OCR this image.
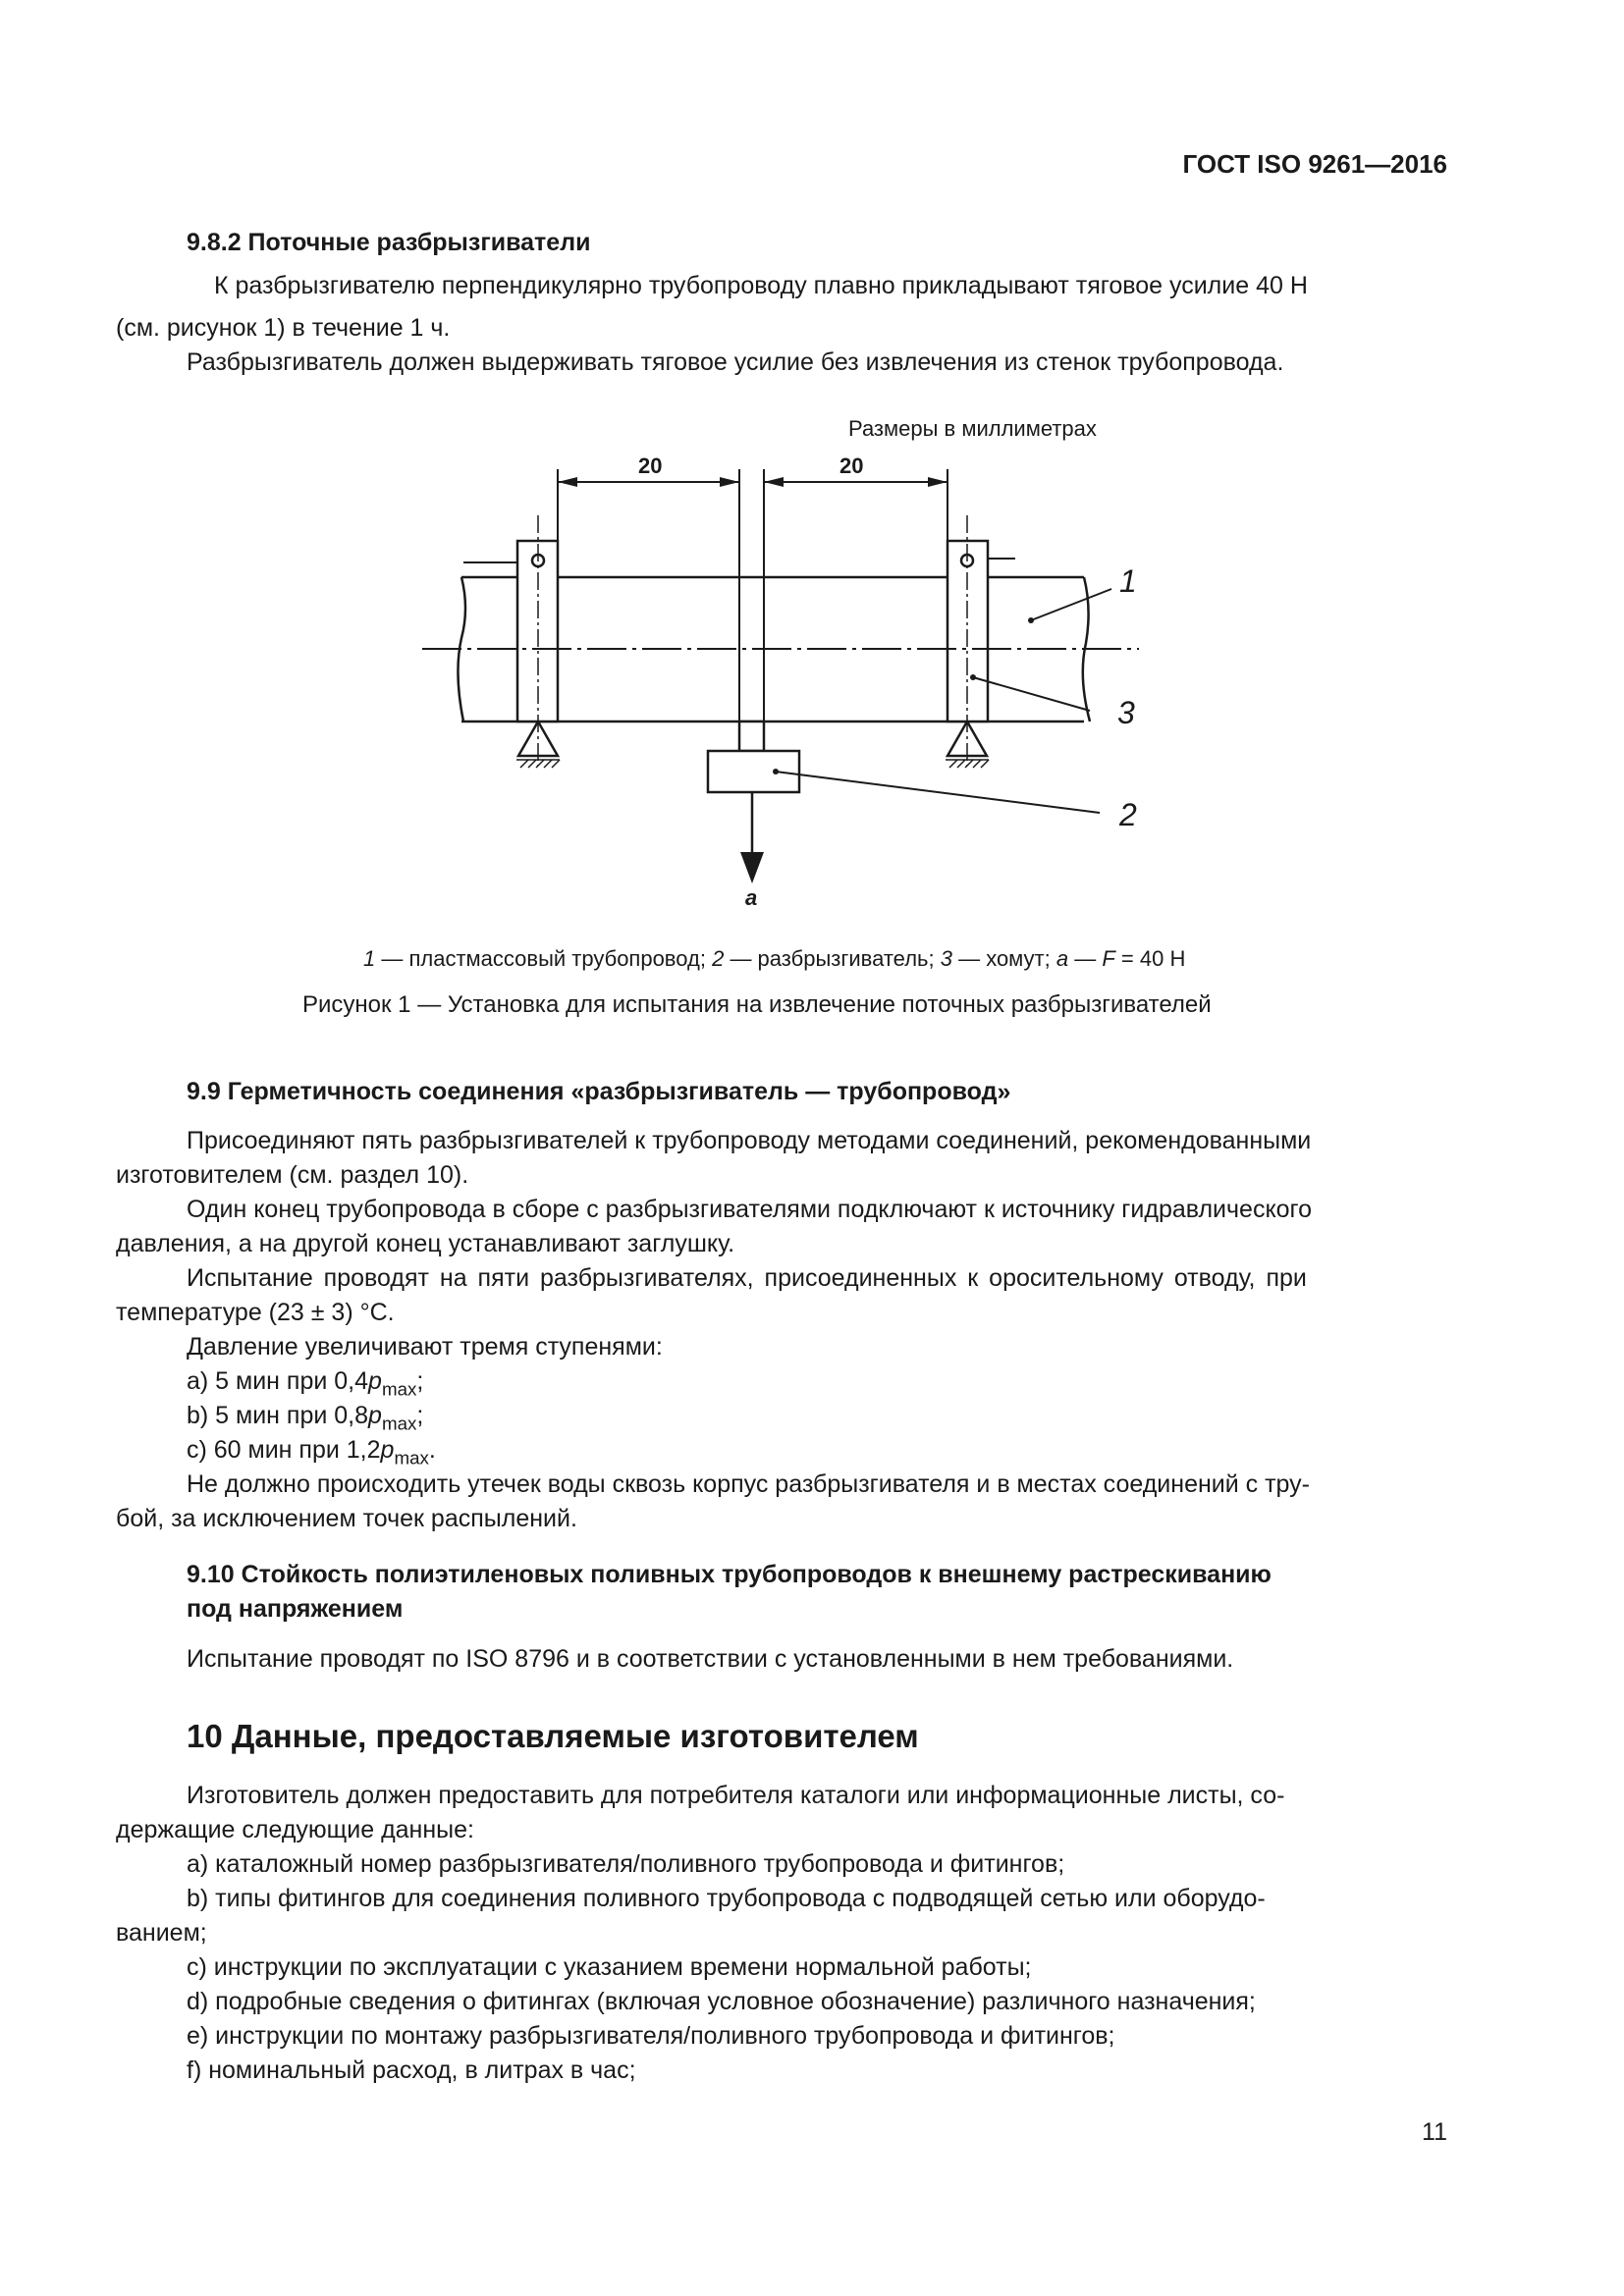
ГОСТ ISO 9261—2016
9.8.2 Поточные разбрызгиватели
К разбрызгивателю перпендикулярно трубопроводу плавно прикладывают тяговое усилие 40 Н
(см. рисунок 1) в течение 1 ч.
Разбрызгиватель должен выдерживать тяговое усилие без извлечения из стенок трубопровода.
Размеры в миллиметрах
20	20
1
3
2
a
1 — пластмассовый трубопровод; 2 — разбрызгиватель; 3 — хомут; a — F = 40 Н
Рисунок 1 — Установка для испытания на извлечение поточных разбрызгивателей
9.9 Герметичность соединения «разбрызгиватель — трубопровод»
Присоединяют пять разбрызгивателей к трубопроводу методами соединений, рекомендованными
изготовителем (см. раздел 10).
Один конец трубопровода в сборе с разбрызгивателями подключают к источнику гидравлического
давления, а на другой конец устанавливают заглушку.
Испытание проводят на пяти разбрызгивателях, присоединенных к оросительному отводу, при
температуре (23 ± 3) °С.
Давление увеличивают тремя ступенями:
a) 5 мин при $0,4p_{max}$;
b) 5 мин при $0,8p_{max}$;
c) 60 мин при $1,2p_{max}$.
Не должно происходить утечек воды сквозь корпус разбрызгивателя и в местах соединений с тру-
бой, за исключением точек распылений.
9.10 Стойкость полиэтиленовых поливных трубопроводов к внешнему растрескиванию
под напряжением
Испытание проводят по ISO 8796 и в соответствии с установленными в нем требованиями.
10 Данные, предоставляемые изготовителем
Изготовитель должен предоставить для потребителя каталоги или информационные листы, со-
держащие следующие данные:
a) каталожный номер разбрызгивателя/поливного трубопровода и фитингов;
b) типы фитингов для соединения поливного трубопровода с подводящей сетью или оборудо-
ванием;
c) инструкции по эксплуатации с указанием времени нормальной работы;
d) подробные сведения о фитингах (включая условное обозначение) различного назначения;
e) инструкции по монтажу разбрызгивателя/поливного трубопровода и фитингов;
f) номинальный расход, в литрах в час;
11
